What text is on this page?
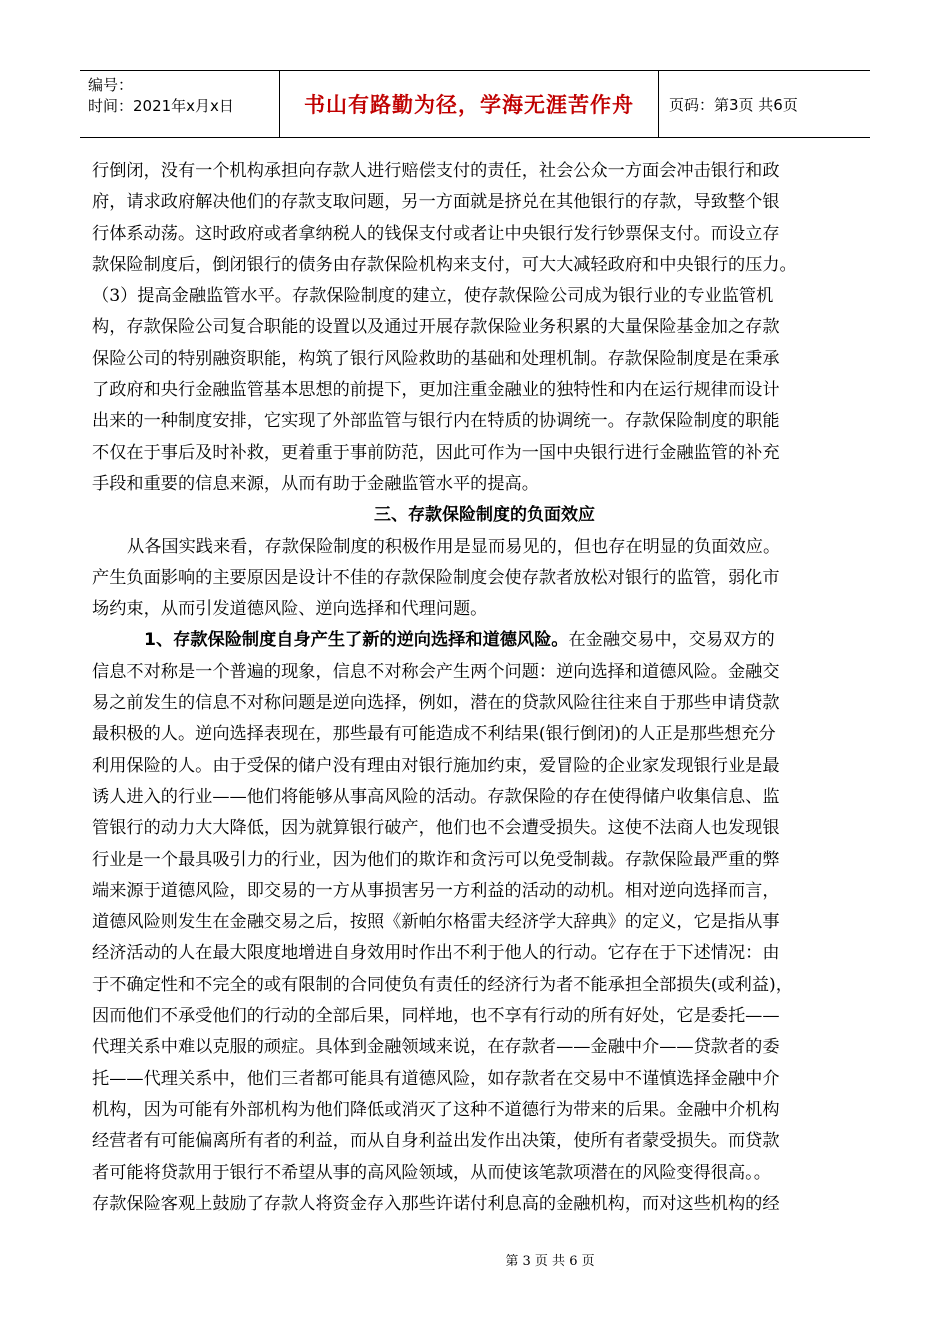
编号：
时间：2021年x月x日	书山有路勤为径，学海无涯苦作舟	页码：第3页 共6页
行倒闭，没有一个机构承担向存款人进行赔偿支付的责任，社会公众一方面会冲击银行和政
府，请求政府解决他们的存款支取问题，另一方面就是挤兑在其他银行的存款，导致整个银
行体系动荡。这时政府或者拿纳税人的钱保支付或者让中央银行发行钞票保支付。而设立存
款保险制度后，倒闭银行的债务由存款保险机构来支付，可大大减轻政府和中央银行的压力。
（3）提高金融监管水平。存款保险制度的建立，使存款保险公司成为银行业的专业监管机
构，存款保险公司复合职能的设置以及通过开展存款保险业务积累的大量保险基金加之存款
保险公司的特别融资职能，构筑了银行风险救助的基础和处理机制。存款保险制度是在秉承
了政府和央行金融监管基本思想的前提下，更加注重金融业的独特性和内在运行规律而设计
出来的一种制度安排，它实现了外部监管与银行内在特质的协调统一。存款保险制度的职能
不仅在于事后及时补救，更着重于事前防范，因此可作为一国中央银行进行金融监管的补充
手段和重要的信息来源，从而有助于金融监管水平的提高。
三、存款保险制度的负面效应
从各国实践来看，存款保险制度的积极作用是显而易见的，但也存在明显的负面效应。
产生负面影响的主要原因是设计不佳的存款保险制度会使存款者放松对银行的监管，弱化市
场约束，从而引发道德风险、逆向选择和代理问题。
1、存款保险制度自身产生了新的逆向选择和道德风险。在金融交易中，交易双方的
信息不对称是一个普遍的现象，信息不对称会产生两个问题：逆向选择和道德风险。金融交
易之前发生的信息不对称问题是逆向选择，例如，潜在的贷款风险往往来自于那些申请贷款
最积极的人。逆向选择表现在，那些最有可能造成不利结果(银行倒闭)的人正是那些想充分
利用保险的人。由于受保的储户没有理由对银行施加约束，爱冒险的企业家发现银行业是最
诱人进入的行业——他们将能够从事高风险的活动。存款保险的存在使得储户收集信息、监
管银行的动力大大降低，因为就算银行破产，他们也不会遭受损失。这使不法商人也发现银
行业是一个最具吸引力的行业，因为他们的欺诈和贪污可以免受制裁。存款保险最严重的弊
端来源于道德风险，即交易的一方从事损害另一方利益的活动的动机。相对逆向选择而言，
道德风险则发生在金融交易之后，按照《新帕尔格雷夫经济学大辞典》的定义，它是指从事
经济活动的人在最大限度地增进自身效用时作出不利于他人的行动。它存在于下述情况：由
于不确定性和不完全的或有限制的合同使负有责任的经济行为者不能承担全部损失(或利益)，
因而他们不承受他们的行动的全部后果，同样地，也不享有行动的所有好处，它是委托——
代理关系中难以克服的顽症。具体到金融领域来说，在存款者——金融中介——贷款者的委
托——代理关系中，他们三者都可能具有道德风险，如存款者在交易中不谨慎选择金融中介
机构，因为可能有外部机构为他们降低或消灭了这种不道德行为带来的后果。金融中介机构
经营者有可能偏离所有者的利益，而从自身利益出发作出决策，使所有者蒙受损失。而贷款
者可能将贷款用于银行不希望从事的高风险领域，从而使该笔款项潜在的风险变得很高。。
存款保险客观上鼓励了存款人将资金存入那些许诺付利息高的金融机构，而对这些机构的经
第 3 页 共 6 页
